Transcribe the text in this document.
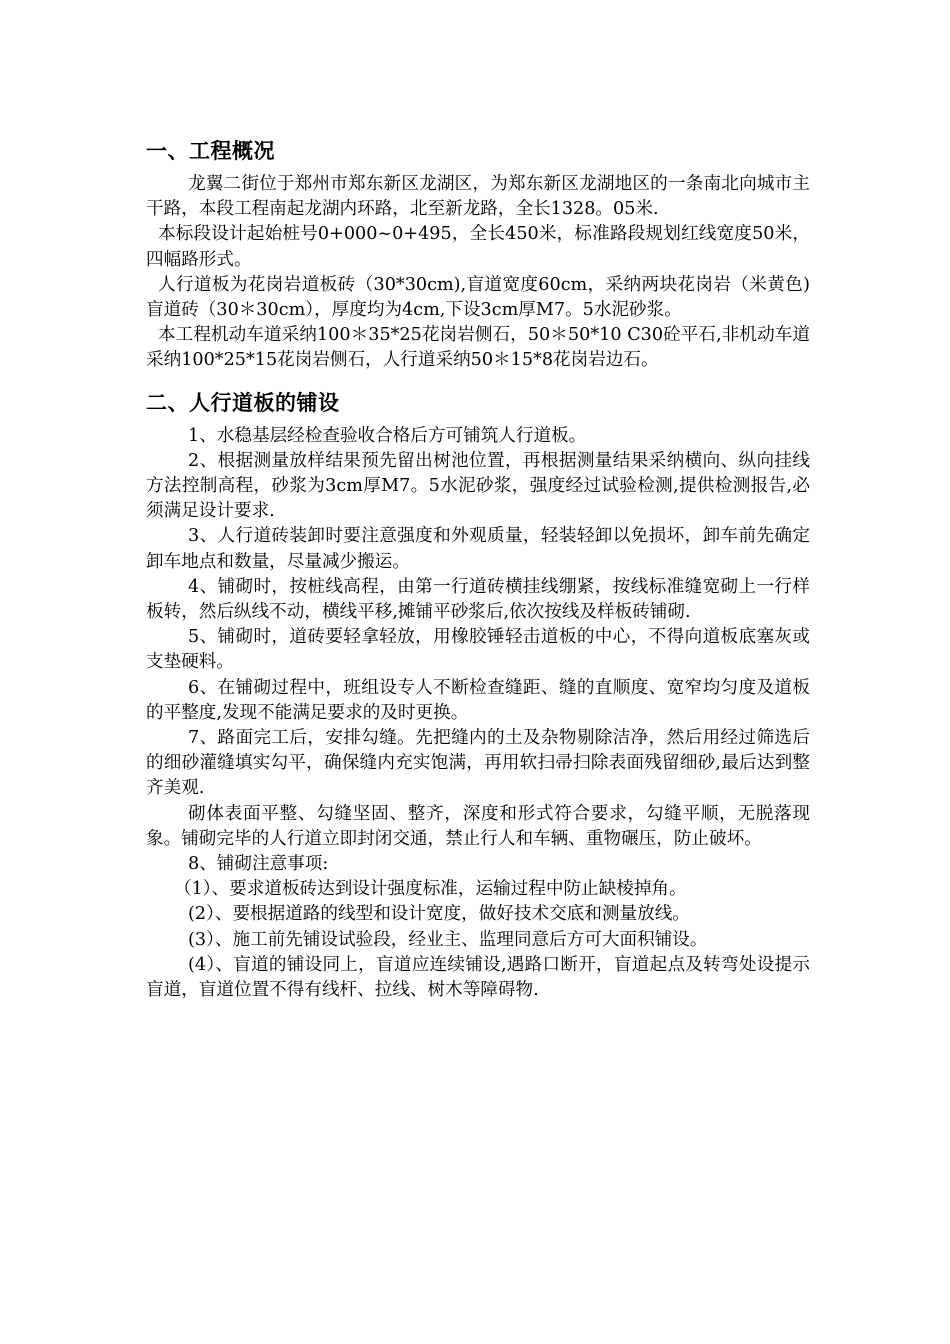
一、工程概况

龙翼二街位于郑州市郑东新区龙湖区，为郑东新区龙湖地区的一条南北向城市主干路，本段工程南起龙湖内环路，北至新龙路，全长1328。05米.

本标段设计起始桩号0+000~0+495，全长450米，标准路段规划红线宽度50米，四幅路形式。

人行道板为花岗岩道板砖（30*30cm),盲道宽度60cm，采纳两块花岗岩（米黄色)盲道砖（30＊30cm），厚度均为4cm,下设3cm厚M7。5水泥砂浆。

本工程机动车道采纳100＊35*25花岗岩侧石，50＊50*10 C30砼平石,非机动车道采纳100*25*15花岗岩侧石，人行道采纳50＊15*8花岗岩边石。

二、人行道板的铺设

1、水稳基层经检查验收合格后方可铺筑人行道板。

2、根据测量放样结果预先留出树池位置，再根据测量结果采纳横向、纵向挂线方法控制高程，砂浆为3cm厚M7。5水泥砂浆，强度经过试验检测,提供检测报告,必须满足设计要求.

3、人行道砖装卸时要注意强度和外观质量，轻装轻卸以免损坏，卸车前先确定卸车地点和数量，尽量减少搬运。

4、铺砌时，按桩线高程，由第一行道砖横挂线绷紧，按线标准缝宽砌上一行样板转，然后纵线不动，横线平移,摊铺平砂浆后,依次按线及样板砖铺砌.

5、铺砌时，道砖要轻拿轻放，用橡胶锤轻击道板的中心，不得向道板底塞灰或支垫硬料。

6、在铺砌过程中，班组设专人不断检查缝距、缝的直顺度、宽窄均匀度及道板的平整度,发现不能满足要求的及时更换。

7、路面完工后，安排勾缝。先把缝内的土及杂物剔除洁净，然后用经过筛选后的细砂灌缝填实勾平，确保缝内充实饱满，再用软扫帚扫除表面残留细砂,最后达到整齐美观.

砌体表面平整、勾缝坚固、整齐，深度和形式符合要求，勾缝平顺，无脱落现象。铺砌完毕的人行道立即封闭交通，禁止行人和车辆、重物碾压，防止破坏。

8、铺砌注意事项:

（1）、要求道板砖达到设计强度标准，运输过程中防止缺棱掉角。

(2）、要根据道路的线型和设计宽度，做好技术交底和测量放线。

(3）、施工前先铺设试验段，经业主、监理同意后方可大面积铺设。

(4）、盲道的铺设同上，盲道应连续铺设,遇路口断开，盲道起点及转弯处设提示盲道，盲道位置不得有线杆、拉线、树木等障碍物.
